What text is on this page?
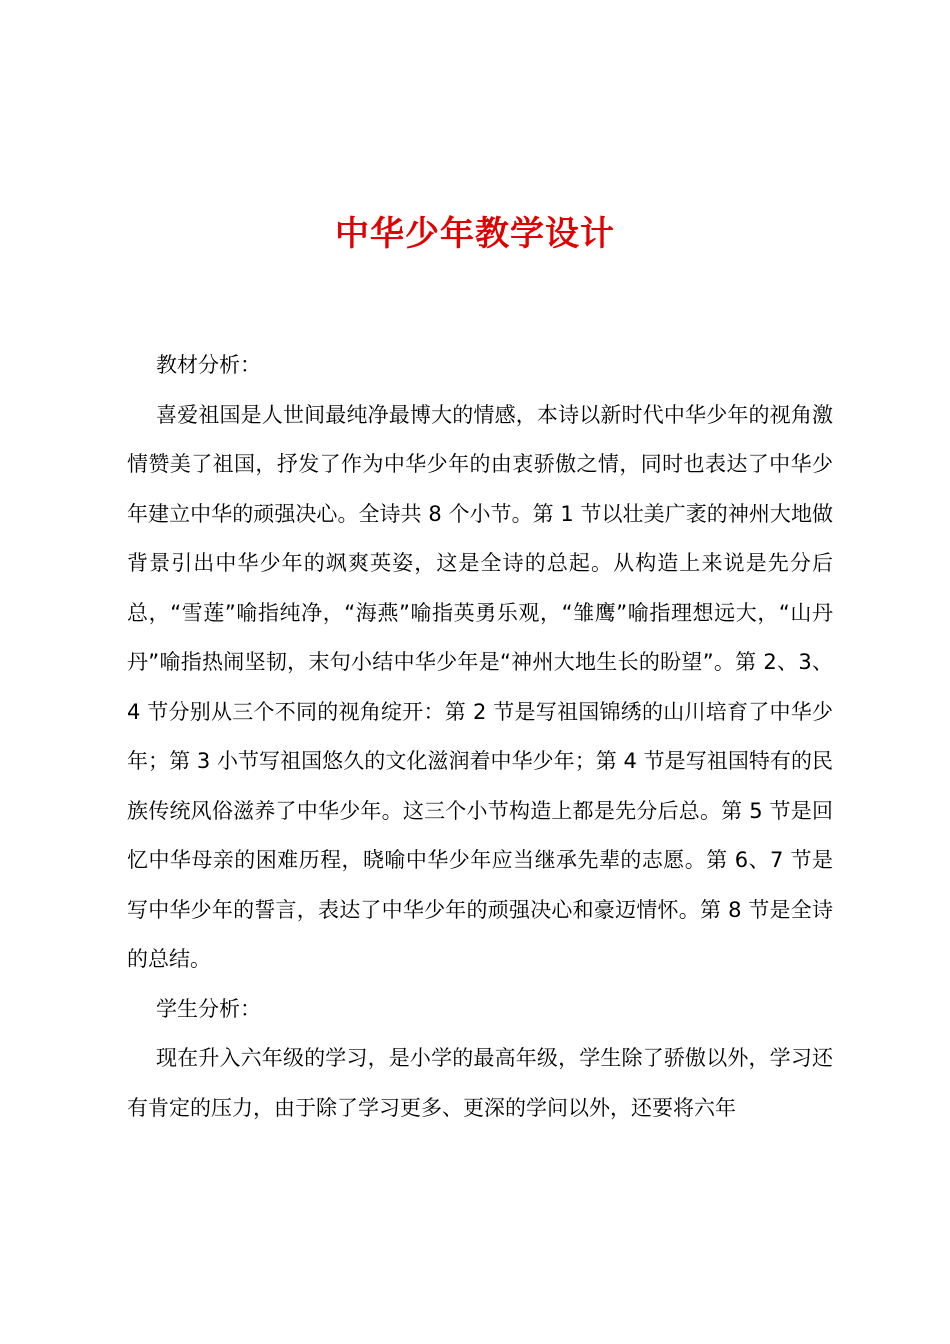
中华少年教学设计

教材分析：

喜爱祖国是人世间最纯净最博大的情感，本诗以新时代中华少年的视角激情赞美了祖国，抒发了作为中华少年的由衷骄傲之情，同时也表达了中华少年建立中华的顽强决心。全诗共 8 个小节。第 1 节以壮美广袤的神州大地做背景引出中华少年的飒爽英姿，这是全诗的总起。从构造上来说是先分后总，“雪莲”喻指纯净，“海燕”喻指英勇乐观，“雏鹰”喻指理想远大，“山丹丹”喻指热闹坚韧，末句小结中华少年是“神州大地生长的盼望”。第 2、3、4 节分别从三个不同的视角绽开：第 2 节是写祖国锦绣的山川培育了中华少年；第 3 小节写祖国悠久的文化滋润着中华少年；第 4 节是写祖国特有的民族传统风俗滋养了中华少年。这三个小节构造上都是先分后总。第 5 节是回忆中华母亲的困难历程，晓喻中华少年应当继承先辈的志愿。第 6、7 节是写中华少年的誓言，表达了中华少年的顽强决心和豪迈情怀。第 8 节是全诗的总结。

学生分析：

现在升入六年级的学习，是小学的最高年级，学生除了骄傲以外，学习还有肯定的压力，由于除了学习更多、更深的学问以外，还要将六年
